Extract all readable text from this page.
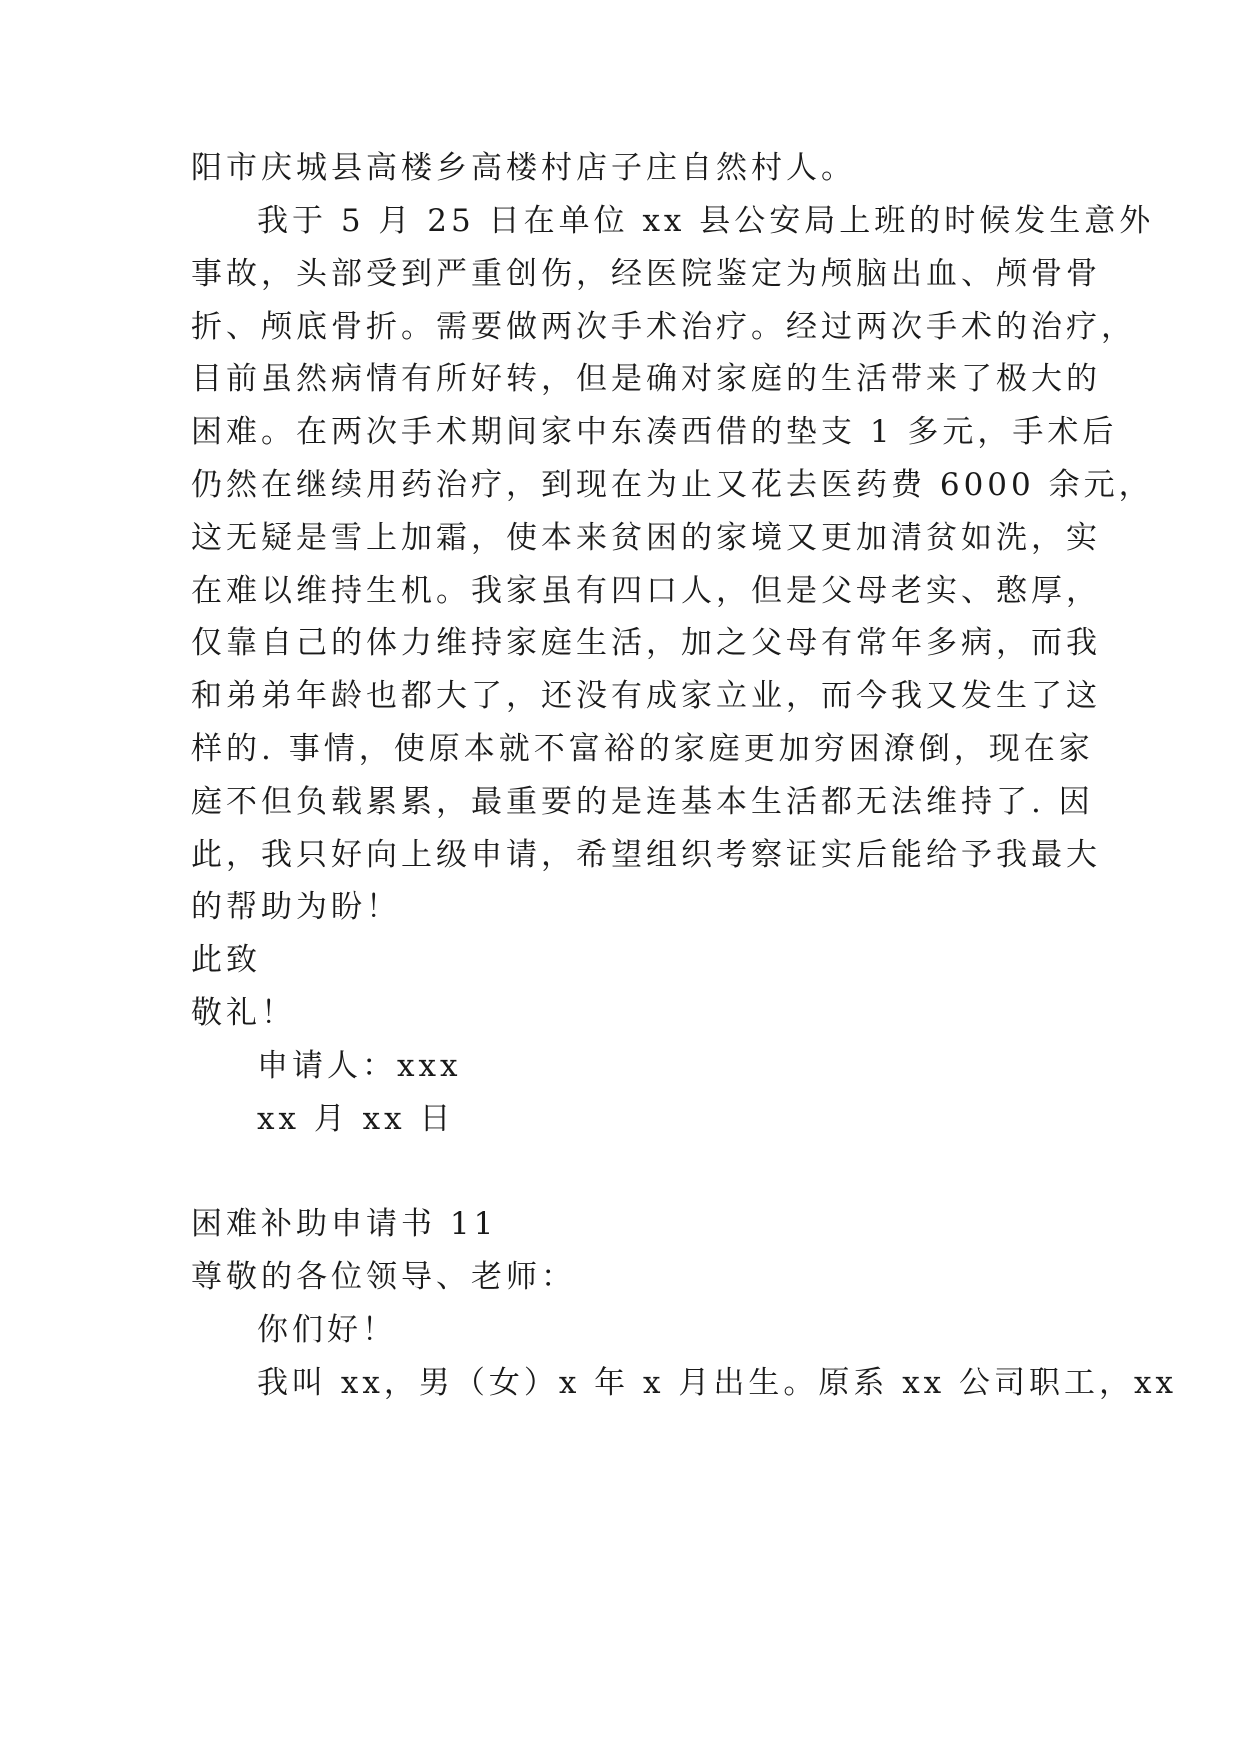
阳市庆城县高楼乡高楼村店子庄自然村人。
我于 5 月 25 日在单位 xx 县公安局上班的时候发生意外
事故，头部受到严重创伤，经医院鉴定为颅脑出血、颅骨骨
折、颅底骨折。需要做两次手术治疗。经过两次手术的治疗，
目前虽然病情有所好转，但是确对家庭的生活带来了极大的
困难。在两次手术期间家中东凑西借的垫支 1 多元，手术后
仍然在继续用药治疗，到现在为止又花去医药费 6000 余元，
这无疑是雪上加霜，使本来贫困的家境又更加清贫如洗，实
在难以维持生机。我家虽有四口人，但是父母老实、憨厚，
仅靠自己的体力维持家庭生活，加之父母有常年多病，而我
和弟弟年龄也都大了，还没有成家立业，而今我又发生了这
样的. 事情，使原本就不富裕的家庭更加穷困潦倒，现在家
庭不但负载累累，最重要的是连基本生活都无法维持了. 因
此，我只好向上级申请，希望组织考察证实后能给予我最大
的帮助为盼！
此致
敬礼！
申请人：xxx
xx 月 xx 日
困难补助申请书 11
尊敬的各位领导、老师：
你们好！
我叫 xx，男（女）x 年 x 月出生。原系 xx 公司职工，xx
